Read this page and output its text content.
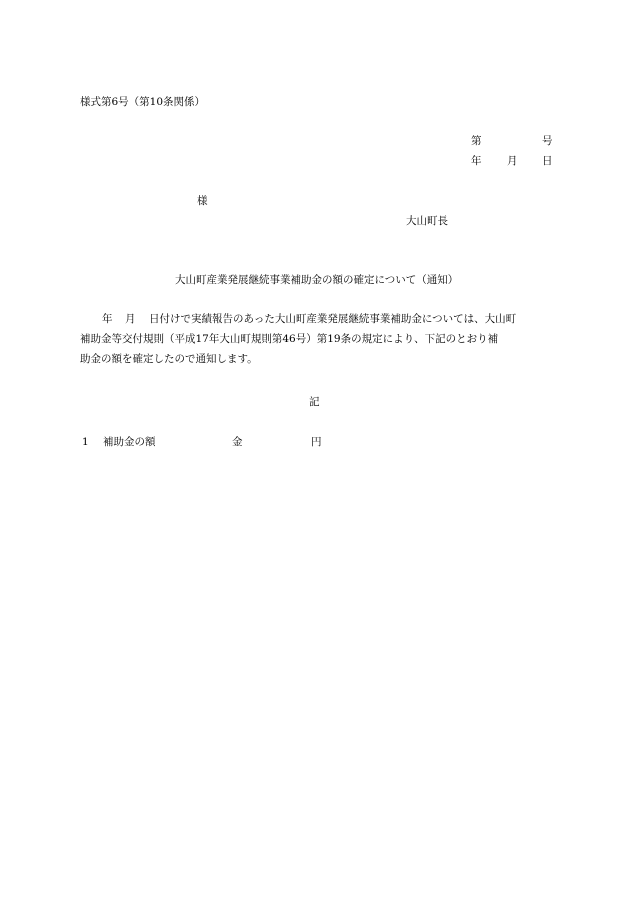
様式第6号（第10条関係）
第	号
年 月 日
様
大山町長
大山町産業発展継続事業補助金の額の確定について（通知）
年 月 日付けで実績報告のあった大山町産業発展継続事業補助金については、大山町
補助金等交付規則（平成17年大山町規則第46号）第19条の規定により、下記のとおり補
助金の額を確定したので通知します。
記
1 補助金の額	金	円
